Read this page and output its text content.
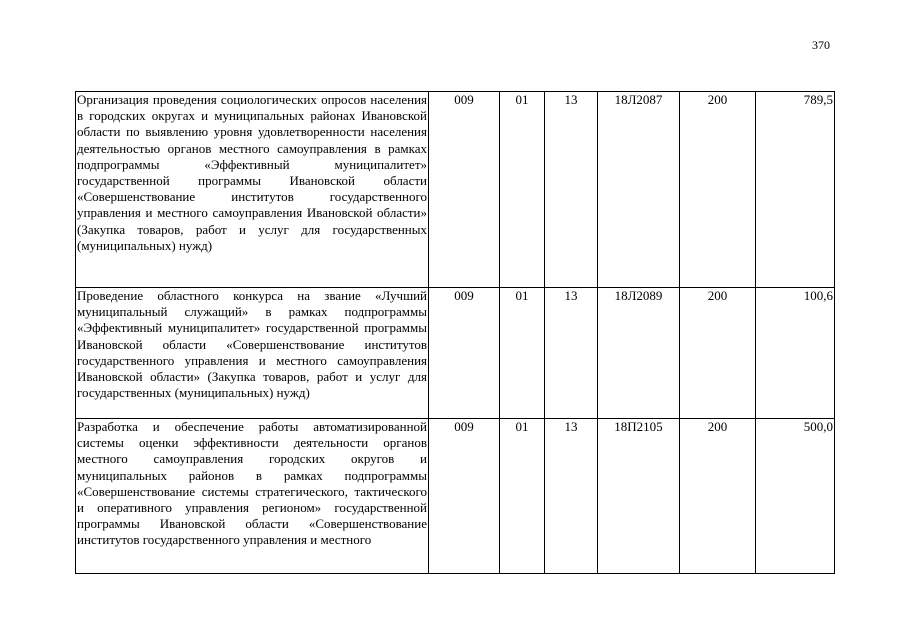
370
Организация проведения социологических опросов населения в городских округах и муниципальных районах Ивановской области по выявлению уровня удовлетворенности населения деятельностью органов местного самоуправления в рамках подпрограммы «Эффективный муниципалитет» государственной программы Ивановской области «Совершенствование институтов государственного управления и местного самоуправления Ивановской области» (Закупка товаров, работ и услуг для государственных (муниципальных) нужд)	009	01	13	18Л2087	200	789,5
Проведение областного конкурса на звание «Лучший муниципальный служащий» в рамках подпрограммы «Эффективный муниципалитет» государственной программы Ивановской области «Совершенствование институтов государственного управления и местного самоуправления Ивановской области» (Закупка товаров, работ и услуг для государственных (муниципальных) нужд)	009	01	13	18Л2089	200	100,6

Разработка и обеспечение работы автоматизированной системы оценки эффективности деятельности органов местного самоуправления городских округов и муниципальных районов в рамках подпрограммы «Совершенствование системы стратегического, тактического и оперативного управления регионом» государственной программы Ивановской области «Совершенствование институтов государственного управления и местного	009	01	13	18П2105	200	500,0
